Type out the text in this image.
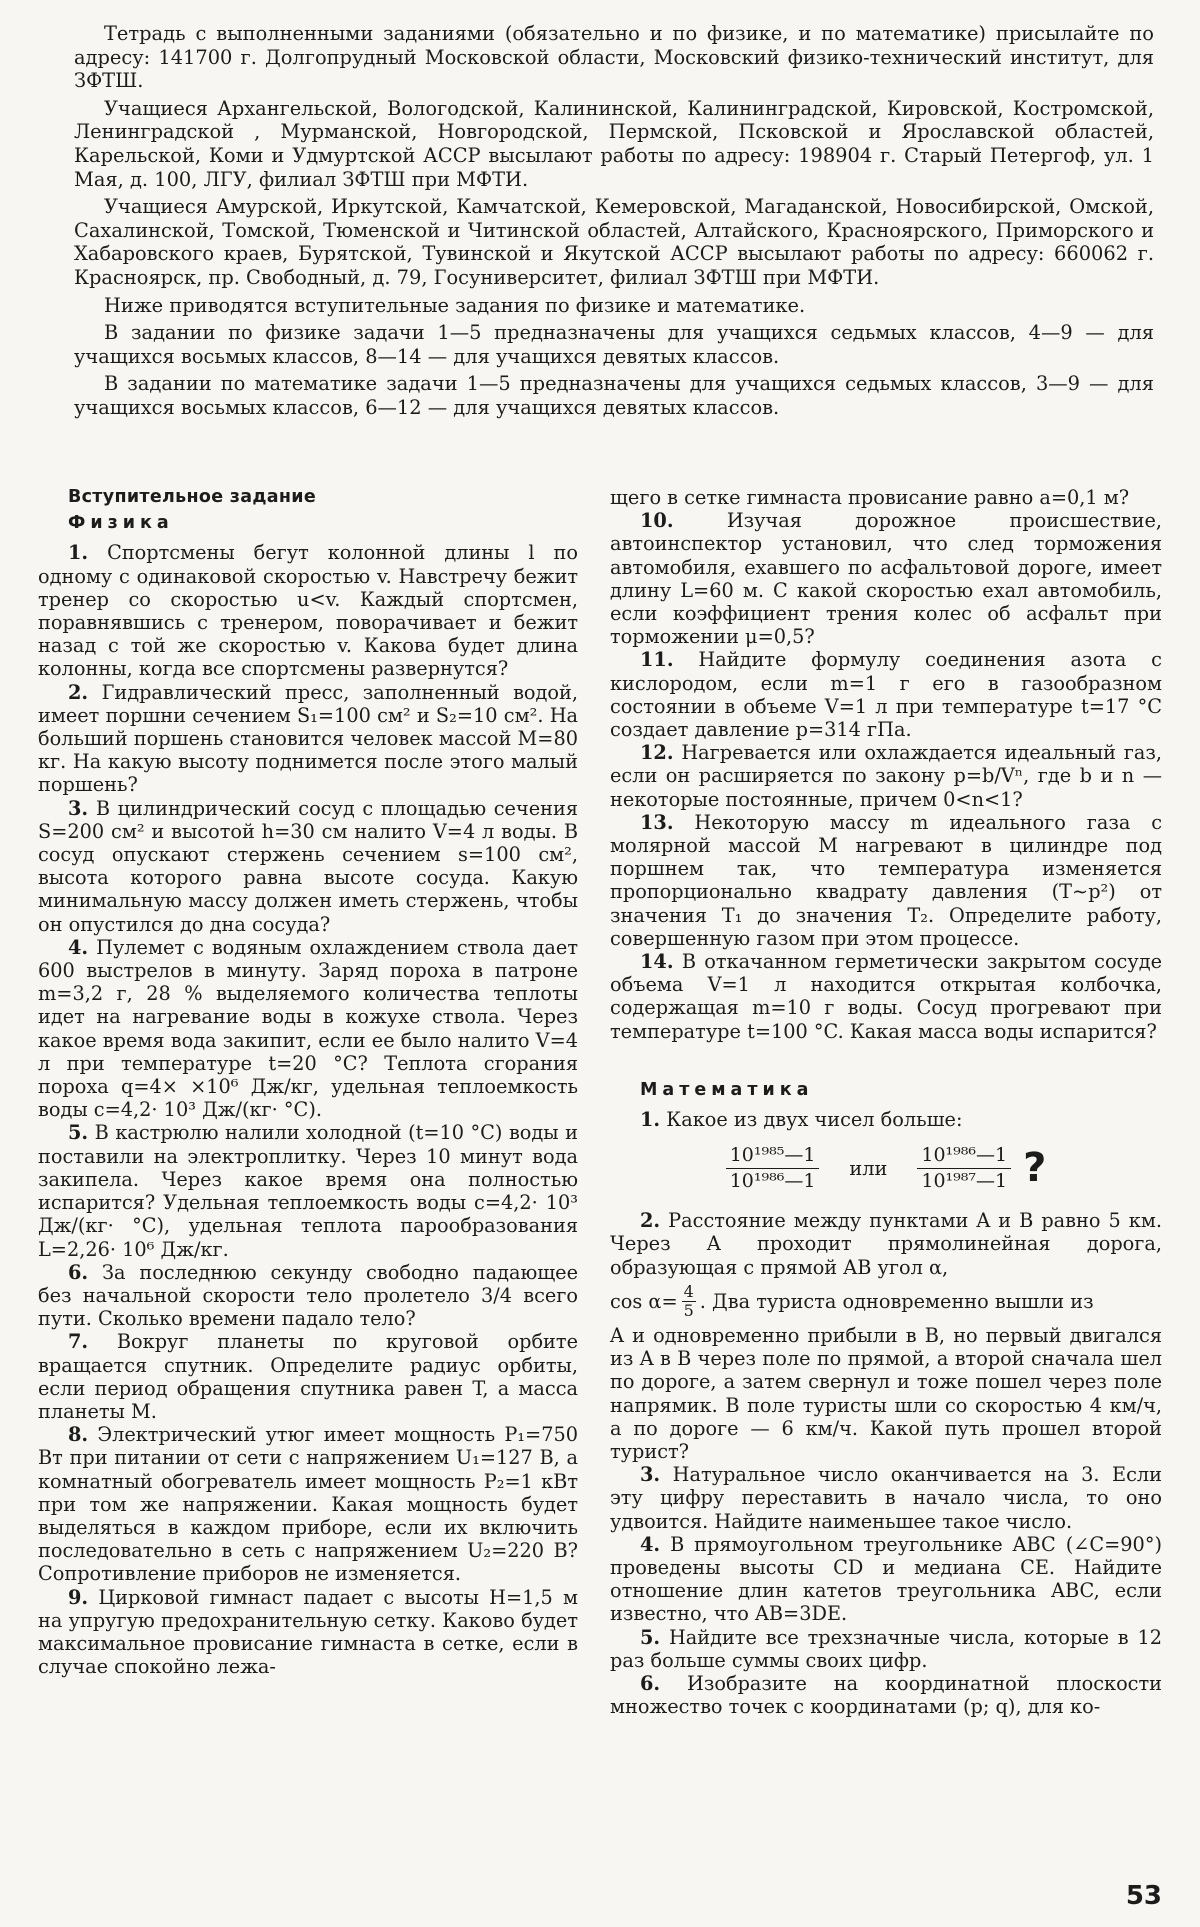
Тетрадь с выполненными заданиями (обязательно и по физике, и по математике) присылайте по адресу: 141700 г. Долгопрудный Московской области, Московский физико-технический институт, для ЗФТШ.

Учащиеся Архангельской, Вологодской, Калининской, Калининградской, Кировской, Костромской, Ленинградской , Мурманской, Новгородской, Пермской, Псковской и Ярославской областей, Карельской, Коми и Удмуртской АССР высылают работы по адресу: 198904 г. Старый Петергоф, ул. 1 Мая, д. 100, ЛГУ, филиал ЗФТШ при МФТИ.

Учащиеся Амурской, Иркутской, Камчатской, Кемеровской, Магаданской, Новосибирской, Омской, Сахалинской, Томской, Тюменской и Читинской областей, Алтайского, Красноярского, Приморского и Хабаровского краев, Бурятской, Тувинской и Якутской АССР высылают работы по адресу: 660062 г. Красноярск, пр. Свободный, д. 79, Госуниверситет, филиал ЗФТШ при МФТИ.

Ниже приводятся вступительные задания по физике и математике.

В задании по физике задачи 1—5 предназначены для учащихся седьмых классов, 4—9 — для учащихся восьмых классов, 8—14 — для учащихся девятых классов.

В задании по математике задачи 1—5 предназначены для учащихся седьмых классов, 3—9 — для учащихся восьмых классов, 6—12 — для учащихся девятых классов.

Вступительное задание
Физика

1. Спортсмены бегут колонной длины l по одному с одинаковой скоростью v. Навстречу бежит тренер со скоростью u<v. Каждый спортсмен, поравнявшись с тренером, поворачивает и бежит назад с той же скоростью v. Какова будет длина колонны, когда все спортсмены развернутся?

2. Гидравлический пресс, заполненный водой, имеет поршни сечением S₁=100 см² и S₂=10 см². На больший поршень становится человек массой M=80 кг. На какую высоту поднимется после этого малый поршень?

3. В цилиндрический сосуд с площадью сечения S=200 см² и высотой h=30 см налито V=4 л воды. В сосуд опускают стержень сечением s=100 см², высота которого равна высоте сосуда. Какую минимальную массу должен иметь стержень, чтобы он опустился до дна сосуда?

4. Пулемет с водяным охлаждением ствола дает 600 выстрелов в минуту. Заряд пороха в патроне m=3,2 г, 28 % выделяемого количества теплоты идет на нагревание воды в кожухе ствола. Через какое время вода закипит, если ее было налито V=4 л при температуре t=20 °C? Теплота сгорания пороха q=4× ×10⁶ Дж/кг, удельная теплоемкость воды c=4,2· 10³ Дж/(кг· °C).

5. В кастрюлю налили холодной (t=10 °C) воды и поставили на электроплитку. Через 10 минут вода закипела. Через какое время она полностью испарится? Удельная теплоемкость воды c=4,2· 10³ Дж/(кг· °C), удельная теплота парообразования L=2,26· 10⁶ Дж/кг.

6. За последнюю секунду свободно падающее без начальной скорости тело пролетело 3/4 всего пути. Сколько времени падало тело?

7. Вокруг планеты по круговой орбите вращается спутник. Определите радиус орбиты, если период обращения спутника равен T, а масса планеты M.

8. Электрический утюг имеет мощность P₁=750 Вт при питании от сети с напряжением U₁=127 В, а комнатный обогреватель имеет мощность P₂=1 кВт при том же напряжении. Какая мощность будет выделяться в каждом приборе, если их включить последовательно в сеть с напряжением U₂=220 В? Сопротивление приборов не изменяется.

9. Цирковой гимнаст падает с высоты H=1,5 м на упругую предохранительную сетку. Каково будет максимальное провисание гимнаста в сетке, если в случае спокойно лежа-

щего в сетке гимнаста провисание равно a=0,1 м?

10.	Изучая дорожное происшествие, автоинспектор установил, что след торможения автомобиля, ехавшего по асфальтовой дороге, имеет длину L=60 м. С какой скоростью ехал автомобиль, если коэффициент трения колес об асфальт при торможении μ=0,5?

11. Найдите формулу соединения азота с кислородом, если m=1 г его в газообразном состоянии в объеме V=1 л при температуре t=17 °C создает давление p=314 гПа.

12. Нагревается или охлаждается идеальный газ, если он расширяется по закону p=b/Vⁿ, где b и n — некоторые постоянные, причем 0<n<1?

13. Некоторую массу m идеального газа с молярной массой M нагревают в цилиндре под поршнем так, что температура изменяется пропорционально квадрату давления (T∼p²) от значения T₁ до значения T₂. Определите работу, совершенную газом при этом процессе.

14. В откачанном герметически закрытом сосуде объема V=1 л находится открытая колбочка, содержащая m=10 г воды. Сосуд прогревают при температуре t=100 °C. Какая масса воды испарится?

Математика

1. Какое из двух чисел больше:

$\frac{\text{10¹⁹⁸⁵—1}}{\text{10¹⁹⁸⁶—1}}$ или $\frac{\text{10¹⁹⁸⁶—1}}{\text{10¹⁹⁸⁷—1}}$ ?

2. Расстояние между пунктами A и B равно 5 км. Через A проходит прямолинейная дорога, образующая с прямой AB угол α,

$\cos \alpha= \frac{4}{5}$ . Два туриста одновременно вышли из

A и одновременно прибыли в B, но первый двигался из A в B через поле по прямой, а второй сначала шел по дороге, а затем свернул и тоже пошел через поле напрямик. В поле туристы шли со скоростью 4 км/ч, а по дороге — 6 км/ч. Какой путь прошел второй турист?

3. Натуральное число оканчивается на 3. Если эту цифру переставить в начало числа, то оно удвоится. Найдите наименьшее такое число.

4. В прямоугольном треугольнике ABC (∠C=90°) проведены высоты CD и медиана CE. Найдите отношение длин катетов треугольника ABC, если известно, что AB=3DE.

5. Найдите все трехзначные числа, которые в 12 раз больше суммы своих цифр.

6. Изобразите на координатной плоскости множество точек с координатами (p; q), для ко-

53
